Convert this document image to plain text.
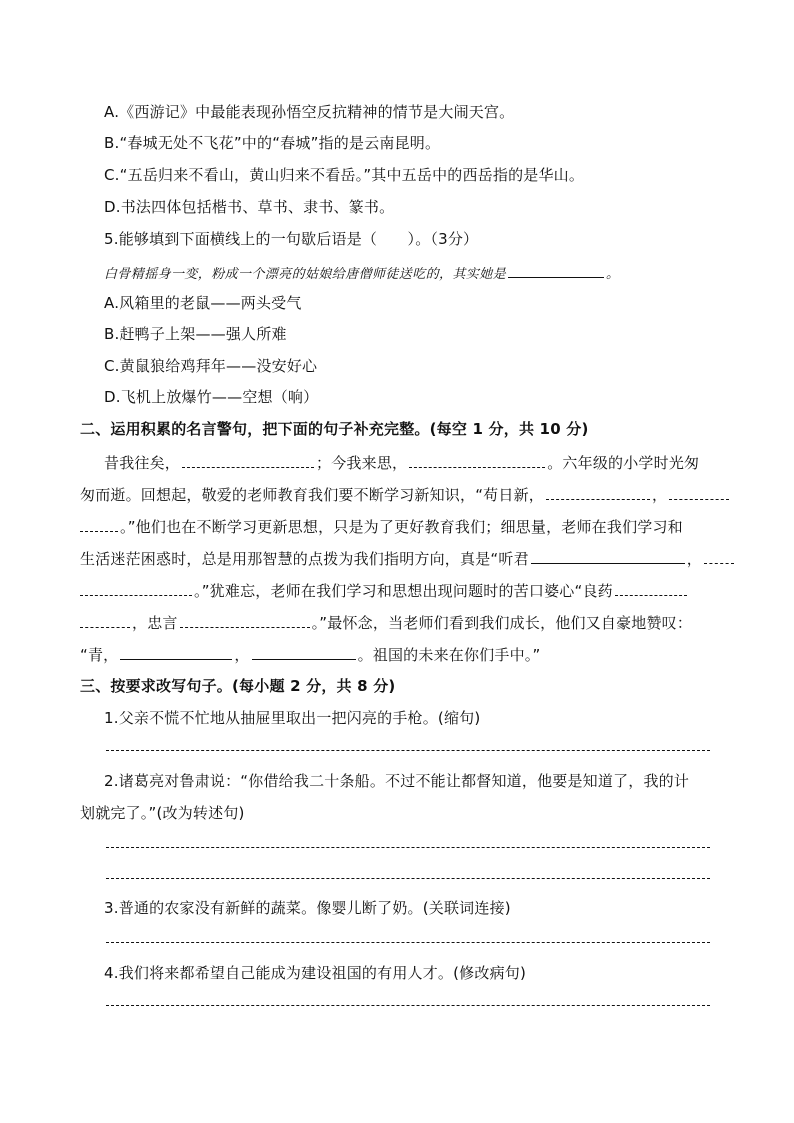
A.《西游记》中最能表现孙悟空反抗精神的情节是大闹天宫。
B.“春城无处不飞花”中的“春城”指的是云南昆明。
C.“五岳归来不看山，黄山归来不看岳。”其中五岳中的西岳指的是华山。
D.书法四体包括楷书、草书、隶书、篆书。
5.能够填到下面横线上的一句歇后语是（　　）。（3分）
白骨精摇身一变，粉成一个漂亮的姑娘给唐僧师徒送吃的，其实她是	。
A.风箱里的老鼠——两头受气
B.赶鸭子上架——强人所难
C.黄鼠狼给鸡拜年——没安好心
D.飞机上放爆竹——空想（响）
二、运用积累的名言警句，把下面的句子补充完整。(每空 1 分，共 10 分)
昔我往矣，	；今我来思，	。六年级的小学时光匆
匆而逝。回想起，敬爱的老师教育我们要不断学习新知识，“苟日新，	，
。”他们也在不断学习更新思想，只是为了更好教育我们；细思量，老师在我们学习和
生活迷茫困惑时，总是用那智慧的点拨为我们指明方向，真是“听君	，
。”犹难忘，老师在我们学习和思想出现问题时的苦口婆心“良药
，忠言	。”最怀念，当老师们看到我们成长，他们又自豪地赞叹：
“青，	，	。祖国的未来在你们手中。”
三、按要求改写句子。(每小题 2 分，共 8 分)
1.父亲不慌不忙地从抽屉里取出一把闪亮的手枪。(缩句)
2.诸葛亮对鲁肃说：“你借给我二十条船。不过不能让都督知道，他要是知道了，我的计
划就完了。”(改为转述句)
3.普通的农家没有新鲜的蔬菜。像婴儿断了奶。(关联词连接)
4.我们将来都希望自己能成为建设祖国的有用人才。(修改病句)
